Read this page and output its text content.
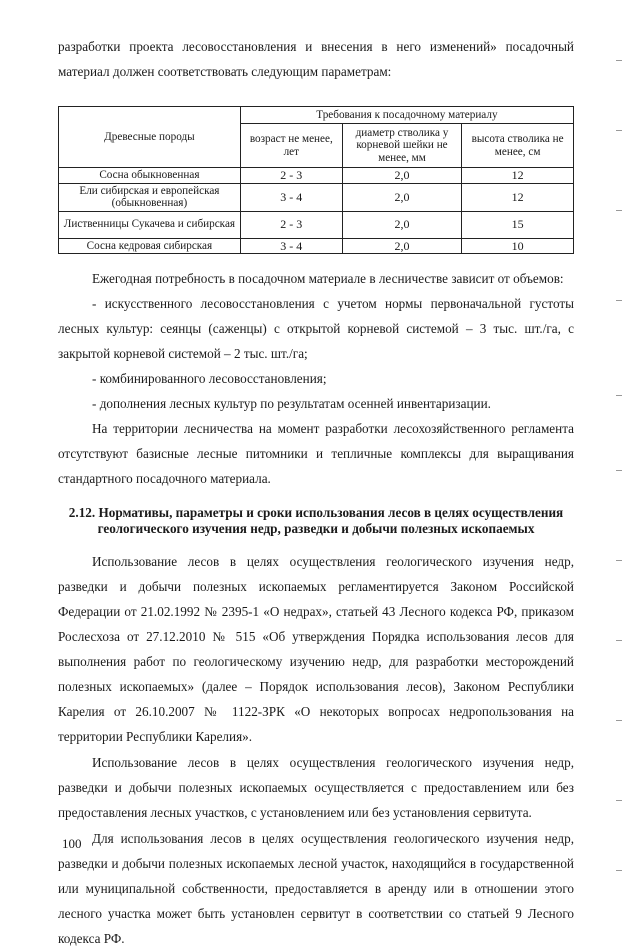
разработки проекта лесовосстановления и внесения в него изменений» посадочный материал должен соответствовать следующим параметрам:

Древесные породы	Требования к посадочному материалу		
	возраст не менее, лет	диаметр стволика у корневой шейки не менее, мм	высота стволика не менее, см
Сосна обыкновенная	2 - 3	2,0	12
Ели сибирская и европейская (обыкновенная)	3 - 4	2,0	12
Лиственницы Сукачева и сибирская	2 - 3	2,0	15
Сосна кедровая сибирская	3 - 4	2,0	10

Ежегодная потребность в посадочном материале в лесничестве зависит от объемов:

- искусственного лесовосстановления с учетом нормы первоначальной густоты лесных культур: сеянцы (саженцы) с открытой корневой системой – 3 тыс. шт./га, с закрытой корневой системой – 2 тыс. шт./га;

- комбинированного лесовосстановления;

- дополнения лесных культур по результатам осенней инвентаризации.

На территории лесничества на момент разработки лесохозяйственного регламента отсутствуют базисные лесные питомники и тепличные комплексы для выращивания стандартного посадочного материала.

2.12. Нормативы, параметры и сроки использования лесов в целях осуществления геологического изучения недр, разведки и добычи полезных ископаемых

Использование лесов в целях осуществления геологического изучения недр, разведки и добычи полезных ископаемых регламентируется Законом Российской Федерации от 21.02.1992 № 2395-1 «О недрах», статьей 43 Лесного кодекса РФ, приказом Рослесхоза от 27.12.2010 № 515 «Об утверждения Порядка использования лесов для выполнения работ по геологическому изучению недр, для разработки месторождений полезных ископаемых» (далее – Порядок использования лесов), Законом Республики Карелия от 26.10.2007 № 1122-ЗРК «О некоторых вопросах недропользования на территории Республики Карелия».

Использование лесов в целях осуществления геологического изучения недр, разведки и добычи полезных ископаемых осуществляется с предоставлением или без предоставления лесных участков, с установлением или без установления сервитута.

Для использования лесов в целях осуществления геологического изучения недр, разведки и добычи полезных ископаемых лесной участок, находящийся в государственной или муниципальной собственности, предоставляется в аренду или в отношении этого лесного участка может быть установлен сервитут в соответствии со статьей 9 Лесного кодекса РФ.

100
